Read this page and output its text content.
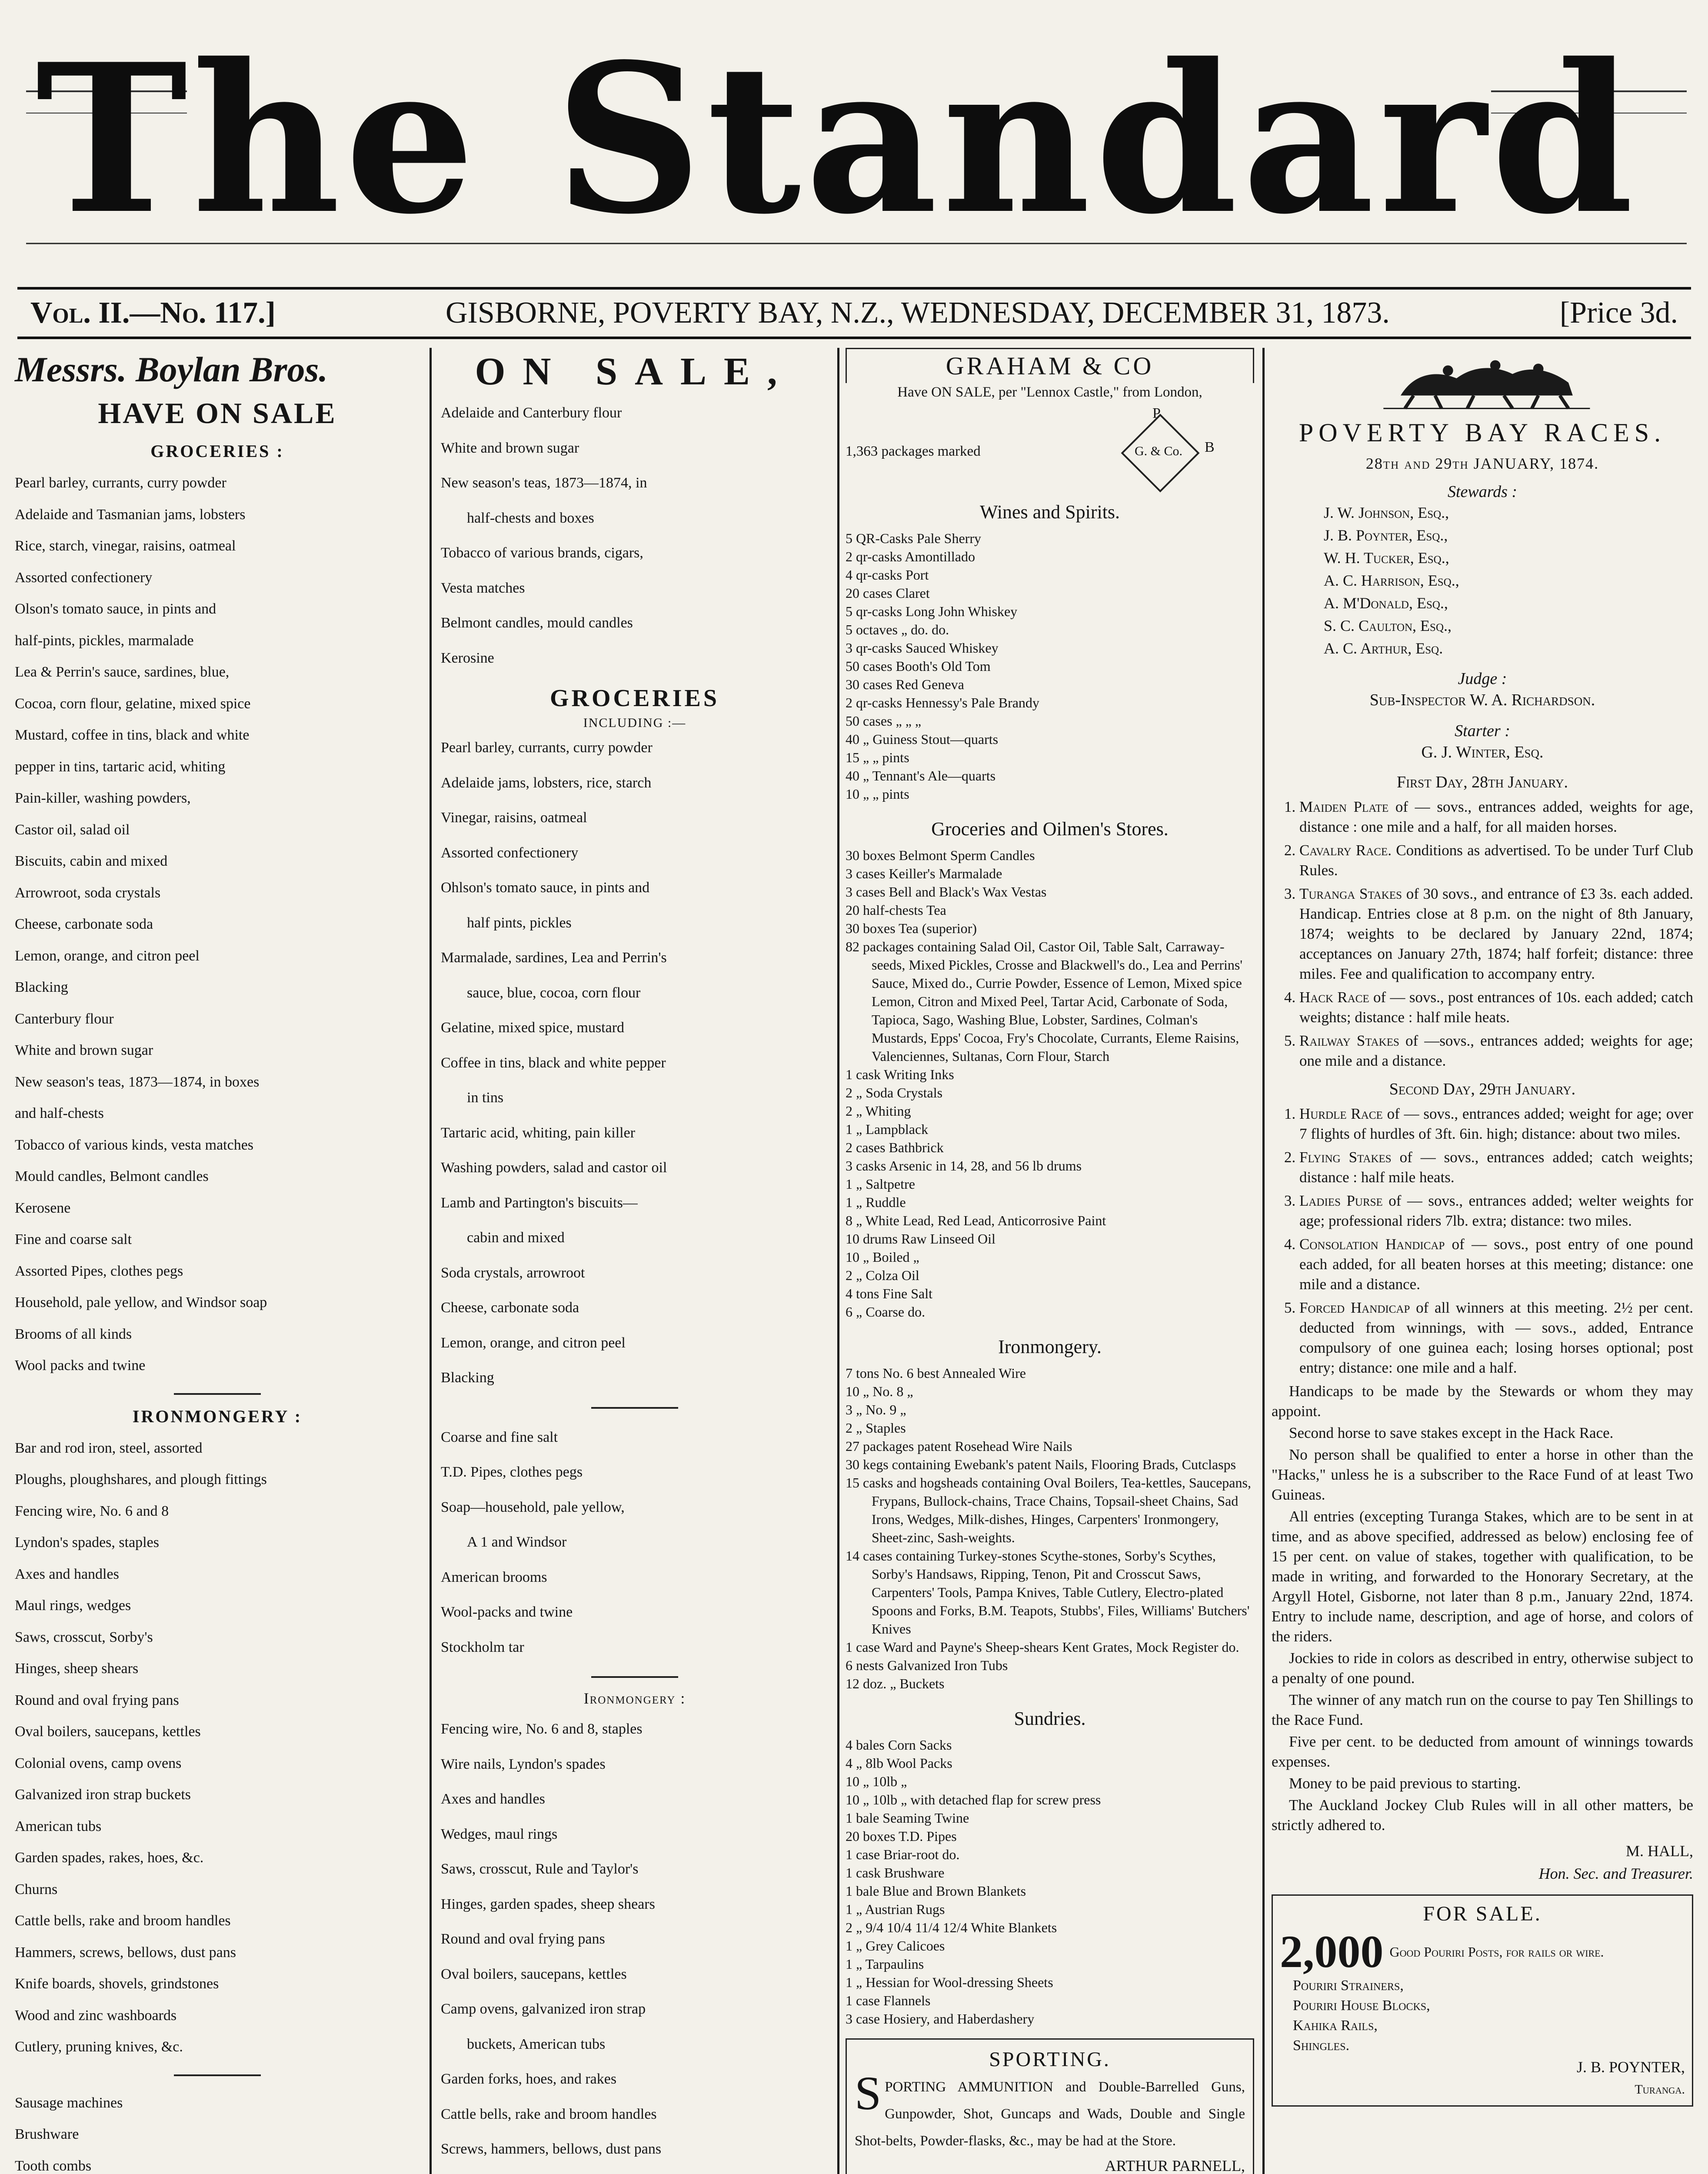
The Standard
Vol. II.—No. 117.]	GISBORNE, POVERTY BAY, N.Z., WEDNESDAY, DECEMBER 31, 1873.	[Price 3d.
Messrs. Boylan Bros.
HAVE ON SALE
GROCERIES :
Pearl barley, currants, curry powder
Adelaide and Tasmanian jams, lobsters
Rice, starch, vinegar, raisins, oatmeal
Assorted confectionery
Olson's tomato sauce, in pints and
half-pints, pickles, marmalade
Lea & Perrin's sauce, sardines, blue,
Cocoa, corn flour, gelatine, mixed spice
Mustard, coffee in tins, black and white
pepper in tins, tartaric acid, whiting
Pain-killer, washing powders,
Castor oil, salad oil
Biscuits, cabin and mixed
Arrowroot, soda crystals
Cheese, carbonate soda
Lemon, orange, and citron peel
Blacking
Canterbury flour
White and brown sugar
New season's teas, 1873—1874, in boxes
and half-chests
Tobacco of various kinds, vesta matches
Mould candles, Belmont candles
Kerosene
Fine and coarse salt
Assorted Pipes, clothes pegs
Household, pale yellow, and Windsor soap
Brooms of all kinds
Wool packs and twine
IRONMONGERY :
Bar and rod iron, steel, assorted
Ploughs, ploughshares, and plough fittings
Fencing wire, No. 6 and 8
Lyndon's spades, staples
Axes and handles
Maul rings, wedges
Saws, crosscut, Sorby's
Hinges, sheep shears
Round and oval frying pans
Oval boilers, saucepans, kettles
Colonial ovens, camp ovens
Galvanized iron strap buckets
American tubs
Garden spades, rakes, hoes, &c.
Churns
Cattle bells, rake and broom handles
Hammers, screws, bellows, dust pans
Knife boards, shovels, grindstones
Wood and zinc washboards
Cutlery, pruning knives, &c.
Sausage machines
Brushware
Tooth combs
ON SALE,
Adelaide and Canterbury flour
White and brown sugar
New season's teas, 1873—1874, in
half-chests and boxes
Tobacco of various brands, cigars,
Vesta matches
Belmont candles, mould candles
Kerosine
GROCERIES
INCLUDING :—
Pearl barley, currants, curry powder
Adelaide jams, lobsters, rice, starch
Vinegar, raisins, oatmeal
Assorted confectionery
Ohlson's tomato sauce, in pints and
half pints, pickles
Marmalade, sardines, Lea and Perrin's
sauce, blue, cocoa, corn flour
Gelatine, mixed spice, mustard
Coffee in tins, black and white pepper
in tins
Tartaric acid, whiting, pain killer
Washing powders, salad and castor oil
Lamb and Partington's biscuits—
cabin and mixed
Soda crystals, arrowroot
Cheese, carbonate soda
Lemon, orange, and citron peel
Blacking
Coarse and fine salt
T.D. Pipes, clothes pegs
Soap—household, pale yellow,
A 1 and Windsor
American brooms
Wool-packs and twine
Stockholm tar
Ironmongery :
Fencing wire, No. 6 and 8, staples
Wire nails, Lyndon's spades
Axes and handles
Wedges, maul rings
Saws, crosscut, Rule and Taylor's
Hinges, garden spades, sheep shears
Round and oval frying pans
Oval boilers, saucepans, kettles
Camp ovens, galvanized iron strap
buckets, American tubs
Garden forks, hoes, and rakes
Cattle bells, rake and broom handles
Screws, hammers, bellows, dust pans
GRAHAM & CO
Have ON SALE, per "Lennox Castle," from London,
1,363 packages marked	G. & Co.
P
B
Wines and Spirits.
5 QR-Casks Pale Sherry
2 qr-casks Amontillado
4 qr-casks Port
20 cases Claret
5 qr-casks Long John Whiskey
5 octaves „ do. do.
3 qr-casks Sauced Whiskey
50 cases Booth's Old Tom
30 cases Red Geneva
2 qr-casks Hennessy's Pale Brandy
50 cases „ „ „
40 „ Guiness Stout—quarts
15 „ „ pints
40 „ Tennant's Ale—quarts
10 „ „ pints
Groceries and Oilmen's Stores.
30 boxes Belmont Sperm Candles
3 cases Keiller's Marmalade
3 cases Bell and Black's Wax Vestas
20 half-chests Tea
30 boxes Tea (superior)
82 packages containing Salad Oil, Castor Oil, Table Salt, Carraway-seeds, Mixed Pickles, Crosse and Blackwell's do., Lea and Perrins' Sauce, Mixed do., Currie Powder, Essence of Lemon, Mixed spice Lemon, Citron and Mixed Peel, Tartar Acid, Carbonate of Soda, Tapioca, Sago, Washing Blue, Lobster, Sardines, Colman's Mustards, Epps' Cocoa, Fry's Chocolate, Currants, Eleme Raisins, Valenciennes, Sultanas, Corn Flour, Starch
1 cask Writing Inks
2 „ Soda Crystals
2 „ Whiting
1 „ Lampblack
2 cases Bathbrick
3 casks Arsenic in 14, 28, and 56 lb drums
1 „ Saltpetre
1 „ Ruddle
8 „ White Lead, Red Lead, Anticorrosive Paint
10 drums Raw Linseed Oil
10 „ Boiled „
2 „ Colza Oil
4 tons Fine Salt
6 „ Coarse do.
Ironmongery.
7 tons No. 6 best Annealed Wire
10 „ No. 8 „
3 „ No. 9 „
2 „ Staples
27 packages patent Rosehead Wire Nails
30 kegs containing Ewebank's patent Nails, Flooring Brads, Cutclasps
15 casks and hogsheads containing Oval Boilers, Tea-kettles, Saucepans, Frypans, Bullock-chains, Trace Chains, Topsail-sheet Chains, Sad Irons, Wedges, Milk-dishes, Hinges, Carpenters' Ironmongery, Sheet-zinc, Sash-weights.
14 cases containing Turkey-stones Scythe-stones, Sorby's Scythes, Sorby's Handsaws, Ripping, Tenon, Pit and Crosscut Saws, Carpenters' Tools, Pampa Knives, Table Cutlery, Electro-plated Spoons and Forks, B.M. Teapots, Stubbs', Files, Williams' Butchers' Knives
1 case Ward and Payne's Sheep-shears Kent Grates, Mock Register do.
6 nests Galvanized Iron Tubs
12 doz. „ Buckets
Sundries.
4 bales Corn Sacks
4 „ 8lb Wool Packs
10 „ 10lb „
10 „ 10lb „ with detached flap for screw press
1 bale Seaming Twine
20 boxes T.D. Pipes
1 case Briar-root do.
1 cask Brushware
1 bale Blue and Brown Blankets
1 „ Austrian Rugs
2 „ 9/4 10/4 11/4 12/4 White Blankets
1 „ Grey Calicoes
1 „ Tarpaulins
1 „ Hessian for Wool-dressing Sheets
1 case Flannels
3 case Hosiery, and Haberdashery
SPORTING.
SPORTING AMMUNITION and Double-Barrelled Guns, Gunpowder, Shot, Guncaps and Wads, Double and Single Shot-belts, Powder-flasks, &c., may be had at the Store.
ARTHUR PARNELL,
POVERTY BAY RACES.
28th and 29th JANUARY, 1874.
Stewards :
J. W. Johnson, Esq.,
J. B. Poynter, Esq.,
W. H. Tucker, Esq.,
A. C. Harrison, Esq.,
A. M'Donald, Esq.,
S. C. Caulton, Esq.,
A. C. Arthur, Esq.
Judge :
Sub-Inspector W. A. Richardson.
Starter :
G. J. Winter, Esq.
First Day, 28th January.
1. Maiden Plate of — sovs., entrances added, weights for age, distance : one mile and a half, for all maiden horses.
2. Cavalry Race. Conditions as advertised. To be under Turf Club Rules.
3. Turanga Stakes of 30 sovs., and entrance of £3 3s. each added. Handicap. Entries close at 8 p.m. on the night of 8th January, 1874; weights to be declared by January 22nd, 1874; acceptances on January 27th, 1874; half forfeit; distance: three miles. Fee and qualification to accompany entry.
4. Hack Race of — sovs., post entrances of 10s. each added; catch weights; distance : half mile heats.
5. Railway Stakes of —sovs., entrances added; weights for age; one mile and a distance.
Second Day, 29th January.
1. Hurdle Race of — sovs., entrances added; weight for age; over 7 flights of hurdles of 3ft. 6in. high; distance: about two miles.
2. Flying Stakes of — sovs., entrances added; catch weights; distance : half mile heats.
3. Ladies Purse of — sovs., entrances added; welter weights for age; professional riders 7lb. extra; distance: two miles.
4. Consolation Handicap of — sovs., post entry of one pound each added, for all beaten horses at this meeting; distance: one mile and a distance.
5. Forced Handicap of all winners at this meeting. 2½ per cent. deducted from winnings, with — sovs., added, Entrance compulsory of one guinea each; losing horses optional; post entry; distance: one mile and a half.

Handicaps to be made by the Stewards or whom they may appoint.

Second horse to save stakes except in the Hack Race.

No person shall be qualified to enter a horse in other than the "Hacks," unless he is a subscriber to the Race Fund of at least Two Guineas.

All entries (excepting Turanga Stakes, which are to be sent in at time, and as above specified, addressed as below) enclosing fee of 15 per cent. on value of stakes, together with qualification, to be made in writing, and forwarded to the Honorary Secretary, at the Argyll Hotel, Gisborne, not later than 8 p.m., January 22nd, 1874. Entry to include name, description, and age of horse, and colors of the riders.

Jockies to ride in colors as described in entry, otherwise subject to a penalty of one pound.

The winner of any match run on the course to pay Ten Shillings to the Race Fund.

Five per cent. to be deducted from amount of winnings towards expenses.

Money to be paid previous to starting.

The Auckland Jockey Club Rules will in all other matters, be strictly adhered to.

M. HALL,
Hon. Sec. and Treasurer.
FOR SALE.
2,000 Good Pouriri Posts, for rails or wire.
Pouriri Strainers,
Pouriri House Blocks,
Kahika Rails,
Shingles.
J. B. POYNTER,
Turanga.
